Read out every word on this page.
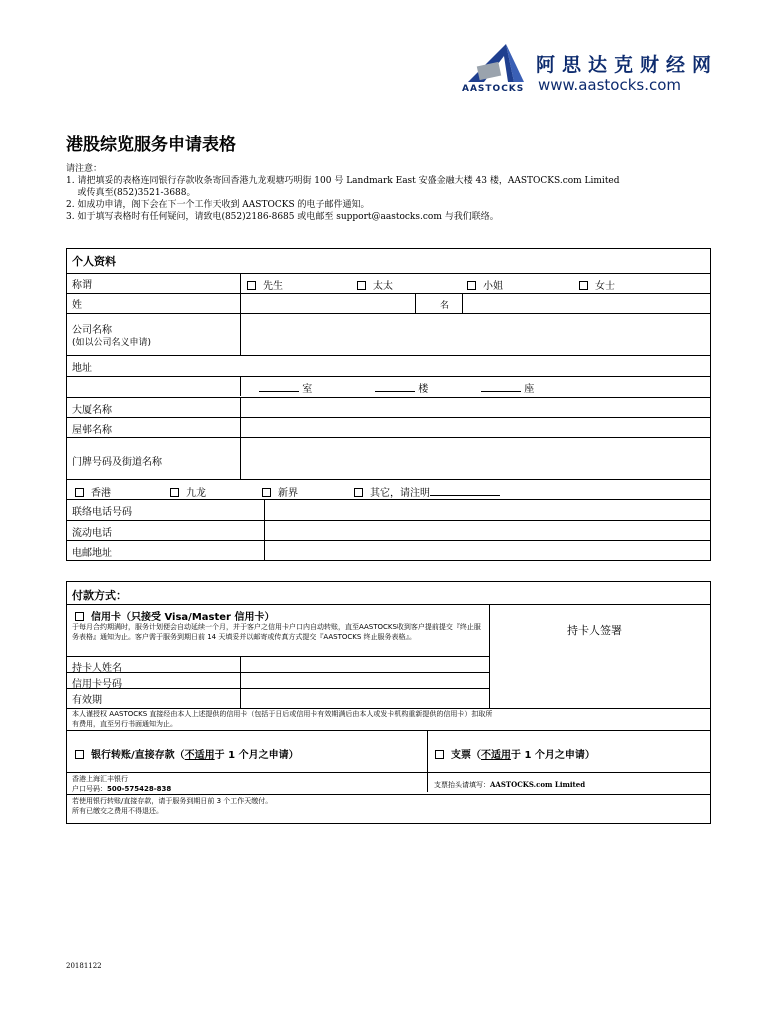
阿思达克财经网
www.aastocks.com
AASTOCKS
港股综览服务申请表格
请注意：
1. 请把填妥的表格连同银行存款收条寄回香港九龙观塘巧明街 100 号 Landmark East 安盛金融大楼 43 楼，AASTOCKS.com Limited
或传真至(852)3521-3688。
2. 如成功申请，阁下会在下一个工作天收到 AASTOCKS 的电子邮件通知。
3. 如于填写表格时有任何疑问，请致电(852)2186-8685 或电邮至 support@aastocks.com 与我们联络。
个人资料
称谓	先生	太太	小姐	女士
姓	名
公司名称
(如以公司名义申请)
地址
室	楼	座
大厦名称
屋邨名称
门牌号码及街道名称
香港	九龙	新界	其它，请注明
联络电话号码
流动电话
电邮地址
付款方式：
信用卡（只接受 Visa/Master 信用卡）
于每月合约期满时，服务计划便会自动延续一个月，并于客户之信用卡户口内自动转账，直至AASTOCKS收到客户提前提交『终止服务表格』通知为止。客户需于服务到期日前 14 天填妥并以邮寄或传真方式提交『AASTOCKS 终止服务表格』。	持卡人签署
持卡人姓名
信用卡号码
有效期
本人谨授权 AASTOCKS 直接经由本人上述提供的信用卡（包括于日后或信用卡有效期满后由本人或发卡机构重新提供的信用卡）扣取所有费用，直至另行书面通知为止。
银行转账/直接存款（不适用于 1 个月之申请）	支票（不适用于 1 个月之申请）
香港上海汇丰银行
户口号码：500-575428-838	支票抬头请填写：AASTOCKS.com Limited
若使用银行转账/直接存款，请于服务到期日前 3 个工作天缴付。
所有已缴交之费用不得退还。
20181122
